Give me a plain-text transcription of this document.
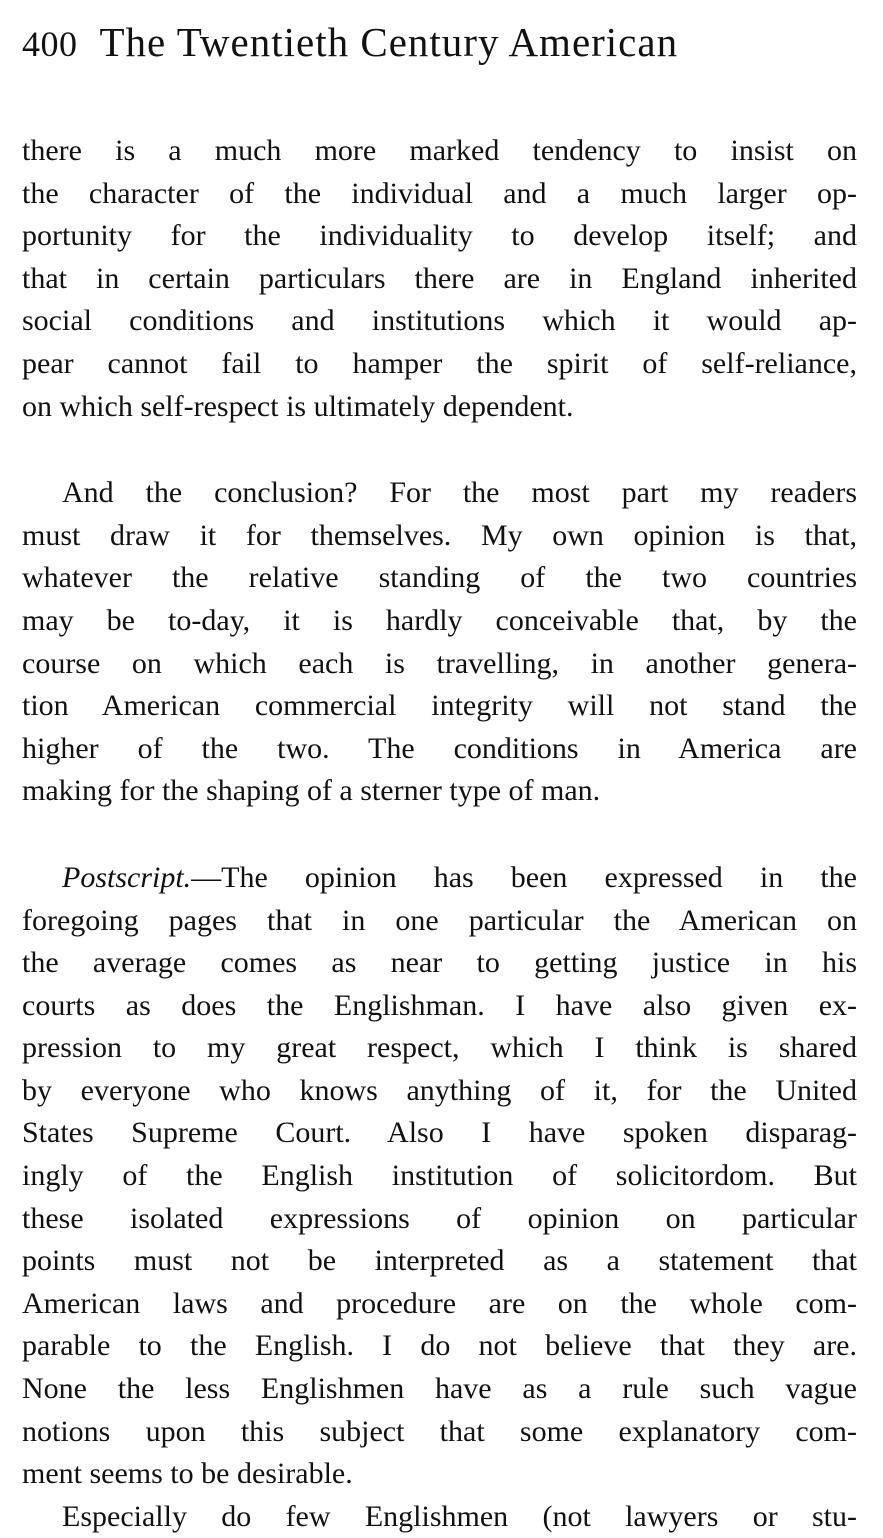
400 The Twentieth Century American
there is a much more marked tendency to insist on
the character of the individual and a much larger op-
portunity for the individuality to develop itself; and
that in certain particulars there are in England inherited
social conditions and institutions which it would ap-
pear cannot fail to hamper the spirit of self-reliance,
on which self-respect is ultimately dependent.
And the conclusion? For the most part my readers
must draw it for themselves. My own opinion is that,
whatever the relative standing of the two countries
may be to-day, it is hardly conceivable that, by the
course on which each is travelling, in another genera-
tion American commercial integrity will not stand the
higher of the two. The conditions in America are
making for the shaping of a sterner type of man.
Postscript.—The opinion has been expressed in the
foregoing pages that in one particular the American on
the average comes as near to getting justice in his
courts as does the Englishman. I have also given ex-
pression to my great respect, which I think is shared
by everyone who knows anything of it, for the United
States Supreme Court. Also I have spoken disparag-
ingly of the English institution of solicitordom. But
these isolated expressions of opinion on particular
points must not be interpreted as a statement that
American laws and procedure are on the whole com-
parable to the English. I do not believe that they are.
None the less Englishmen have as a rule such vague
notions upon this subject that some explanatory com-
ment seems to be desirable.
Especially do few Englishmen (not lawyers or stu-
